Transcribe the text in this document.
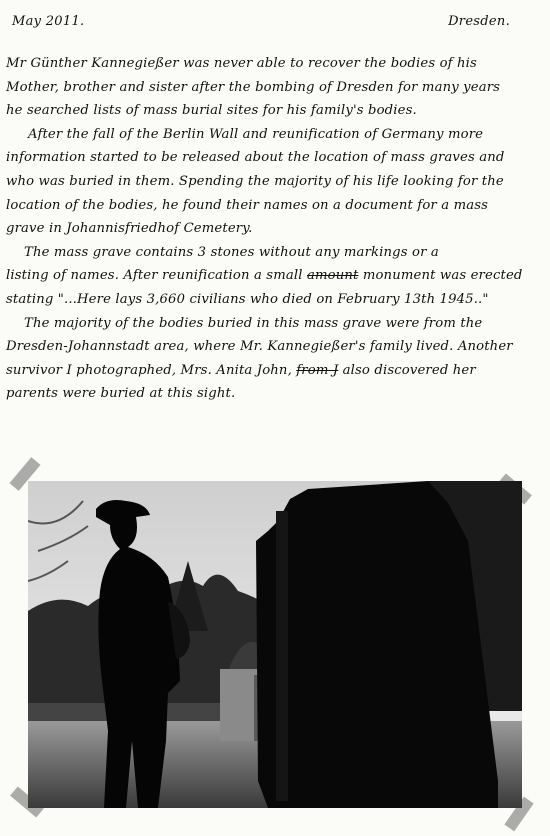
May 2011.	Dresden.
Mr Günther Kannegießer was never able to recover the bodies of his
Mother, brother and sister after the bombing of Dresden for many years
he searched lists of mass burial sites for his family's bodies.
After the fall of the Berlin Wall and reunification of Germany more
information started to be released about the location of mass graves and
who was buried in them. Spending the majority of his life looking for the
location of the bodies, he found their names on a document for a mass
grave in Johannisfriedhof Cemetery.
The mass grave contains 3 stones without any markings or a
listing of names. After reunification a small amount monument was erected
stating "...Here lays 3,660 civilians who died on February 13th 1945.."
The majority of the bodies buried in this mass grave were from the
Dresden-Johannstadt area, where Mr. Kannegießer's family lived. Another
survivor I photographed, Mrs. Anita John, from J also discovered her
parents were buried at this sight.
